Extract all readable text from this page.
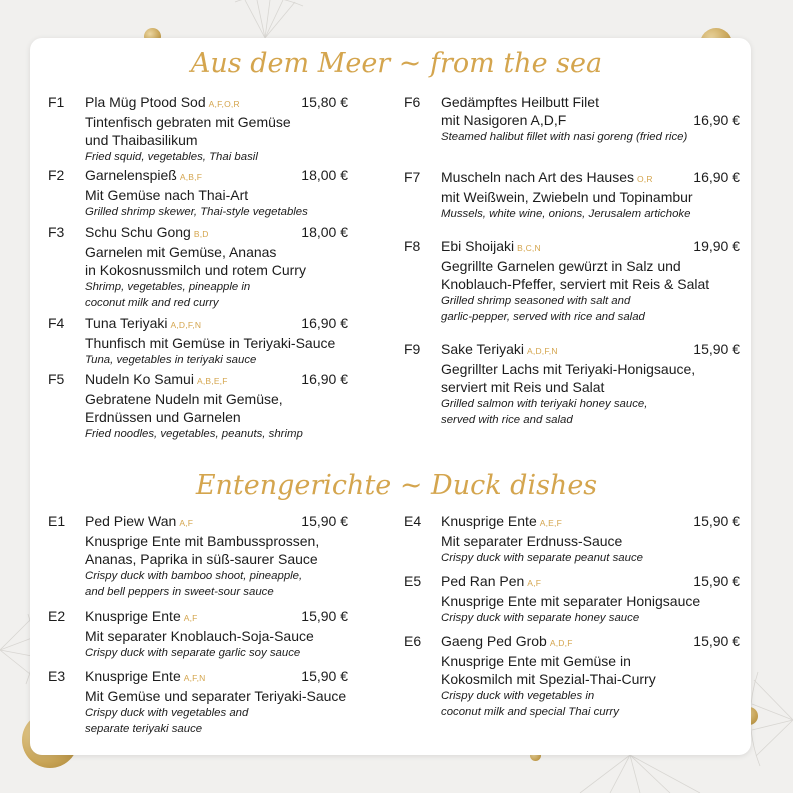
Aus dem Meer ~ from the sea
Entengerichte ~ Duck dishes
F1	15,80 €
Pla Müg Ptood Sod A,F,O,R
Tintenfisch gebraten mit Gemüse
und Thaibasilikum
Fried squid, vegetables, Thai basil
F2	18,00 €
Garnelenspieß A,B,F
Mit Gemüse nach Thai-Art
Grilled shrimp skewer, Thai-style vegetables
F3	18,00 €
Schu Schu Gong B,D
Garnelen mit Gemüse, Ananas
in Kokosnussmilch und rotem Curry
Shrimp, vegetables, pineapple in
coconut milk and red curry
F4	16,90 €
Tuna Teriyaki A,D,F,N
Thunfisch mit Gemüse in Teriyaki-Sauce
Tuna, vegetables in teriyaki sauce
F5	16,90 €
Nudeln Ko Samui A,B,E,F
Gebratene Nudeln mit Gemüse,
Erdnüssen und Garnelen
Fried noodles, vegetables, peanuts, shrimp
F6
16,90 €
Gedämpftes Heilbutt Filet
mit Nasigoren A,D,F
Steamed halibut fillet with nasi goreng (fried rice)
F7	16,90 €
Muscheln nach Art des Hauses O,R
mit Weißwein, Zwiebeln und Topinambur
Mussels, white wine, onions, Jerusalem artichoke
F8	19,90 €
Ebi Shoijaki B,C,N
Gegrillte Garnelen gewürzt in Salz und
Knoblauch-Pfeffer, serviert mit Reis & Salat
Grilled shrimp seasoned with salt and
garlic-pepper, served with rice and salad
F9	15,90 €
Sake Teriyaki A,D,F,N
Gegrillter Lachs mit Teriyaki-Honigsauce,
serviert mit Reis und Salat
Grilled salmon with teriyaki honey sauce,
served with rice and salad
E1	15,90 €
Ped Piew Wan A,F
Knusprige Ente mit Bambussprossen,
Ananas, Paprika in süß-saurer Sauce
Crispy duck with bamboo shoot, pineapple,
and bell peppers in sweet-sour sauce
E2	15,90 €
Knusprige Ente A,F
Mit separater Knoblauch-Soja-Sauce
Crispy duck with separate garlic soy sauce
E3	15,90 €
Knusprige Ente A,F,N
Mit Gemüse und separater Teriyaki-Sauce
Crispy duck with vegetables and
separate teriyaki sauce
E4	15,90 €
Knusprige Ente A,E,F
Mit separater Erdnuss-Sauce
Crispy duck with separate peanut sauce
E5	15,90 €
Ped Ran Pen A,F
Knusprige Ente mit separater Honigsauce
Crispy duck with separate honey sauce
E6	15,90 €
Gaeng Ped Grob A,D,F
Knusprige Ente mit Gemüse in
Kokosmilch mit Spezial-Thai-Curry
Crispy duck with vegetables in
coconut milk and special Thai curry
